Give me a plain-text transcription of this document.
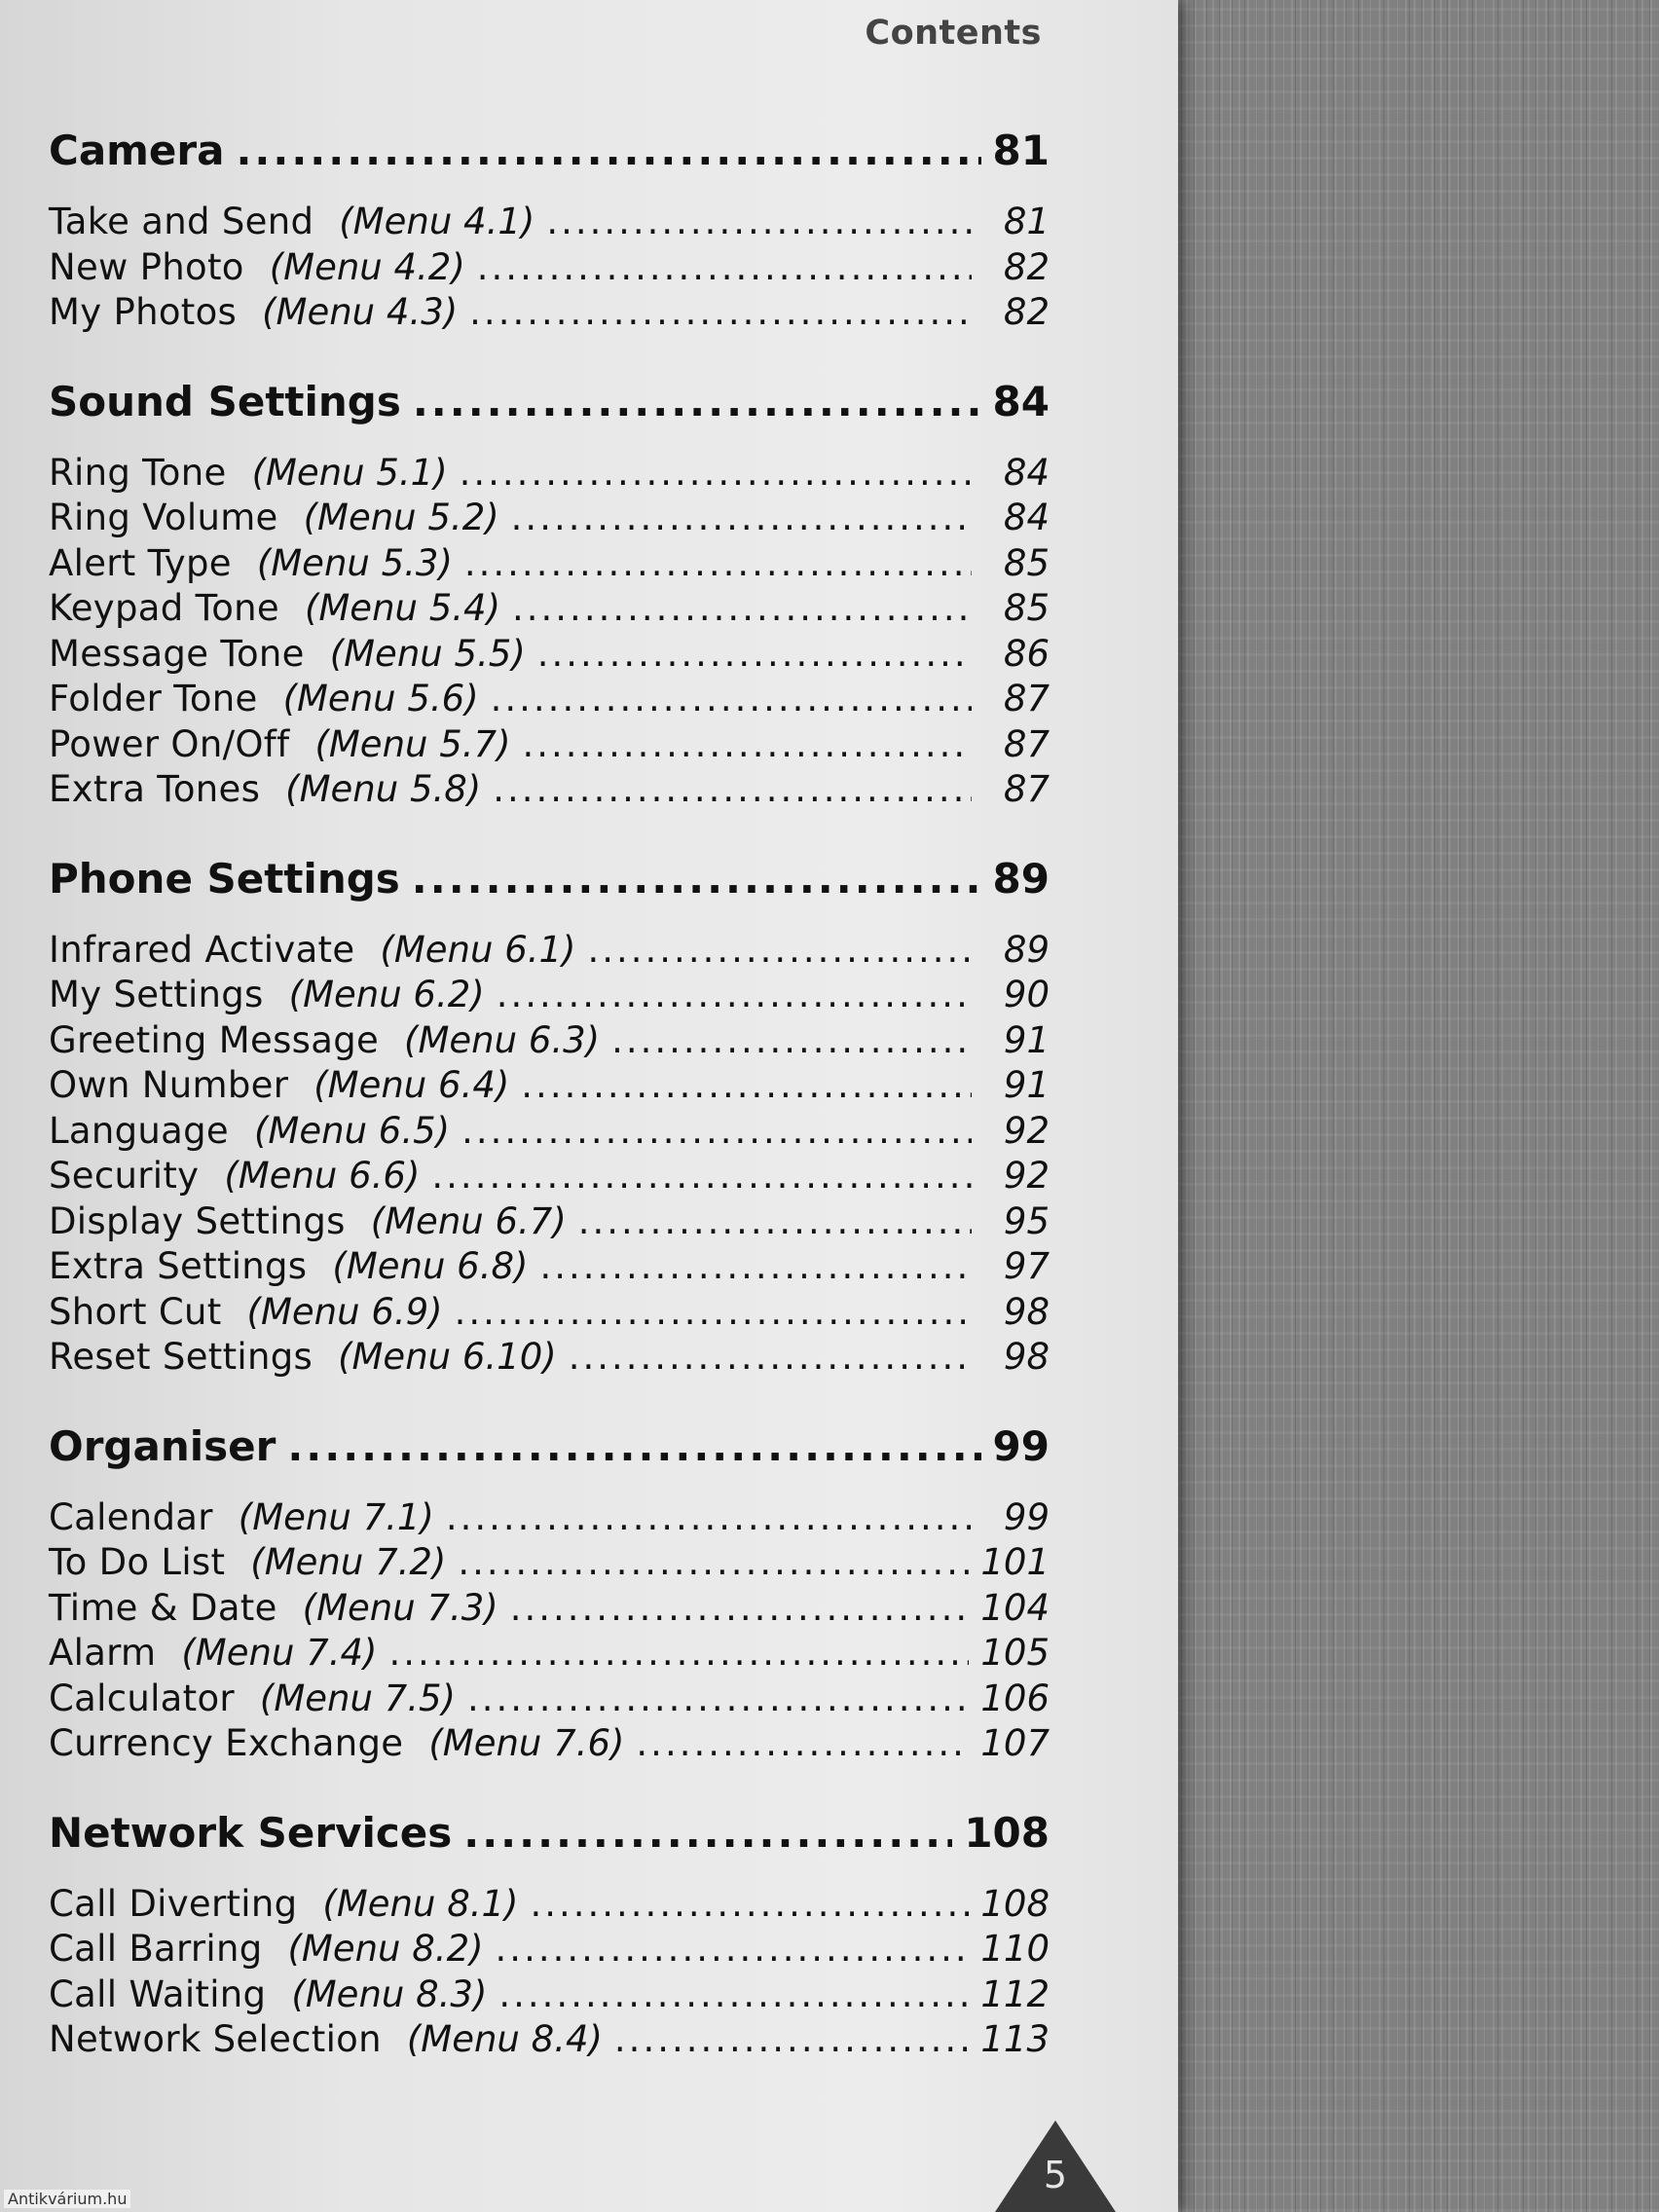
Contents
Camera .....	81
Take and Send (Menu 4.1) .....	81
New Photo (Menu 4.2) .....	82
My Photos (Menu 4.3) .....	82
Sound Settings .....	84
Ring Tone (Menu 5.1) .....	84
Ring Volume (Menu 5.2) .....	84
Alert Type (Menu 5.3) .....	85
Keypad Tone (Menu 5.4) .....	85
Message Tone (Menu 5.5) .....	86
Folder Tone (Menu 5.6) .....	87
Power On/Off (Menu 5.7) .....	87
Extra Tones (Menu 5.8) .....	87
Phone Settings .....	89
Infrared Activate (Menu 6.1) .....	89
My Settings (Menu 6.2) .....	90
Greeting Message (Menu 6.3) .....	91
Own Number (Menu 6.4) .....	91
Language (Menu 6.5) .....	92
Security (Menu 6.6) .....	92
Display Settings (Menu 6.7) .....	95
Extra Settings (Menu 6.8) .....	97
Short Cut (Menu 6.9) .....	98
Reset Settings (Menu 6.10) .....	98
Organiser .....	99
Calendar (Menu 7.1) .....	99
To Do List (Menu 7.2) .....	101
Time & Date (Menu 7.3) .....	104
Alarm (Menu 7.4) .....	105
Calculator (Menu 7.5) .....	106
Currency Exchange (Menu 7.6) .....	107
Network Services .....	108
Call Diverting (Menu 8.1) .....	108
Call Barring (Menu 8.2) .....	110
Call Waiting (Menu 8.3) .....	112
Network Selection (Menu 8.4) .....	113
5
Antikvárium.hu
